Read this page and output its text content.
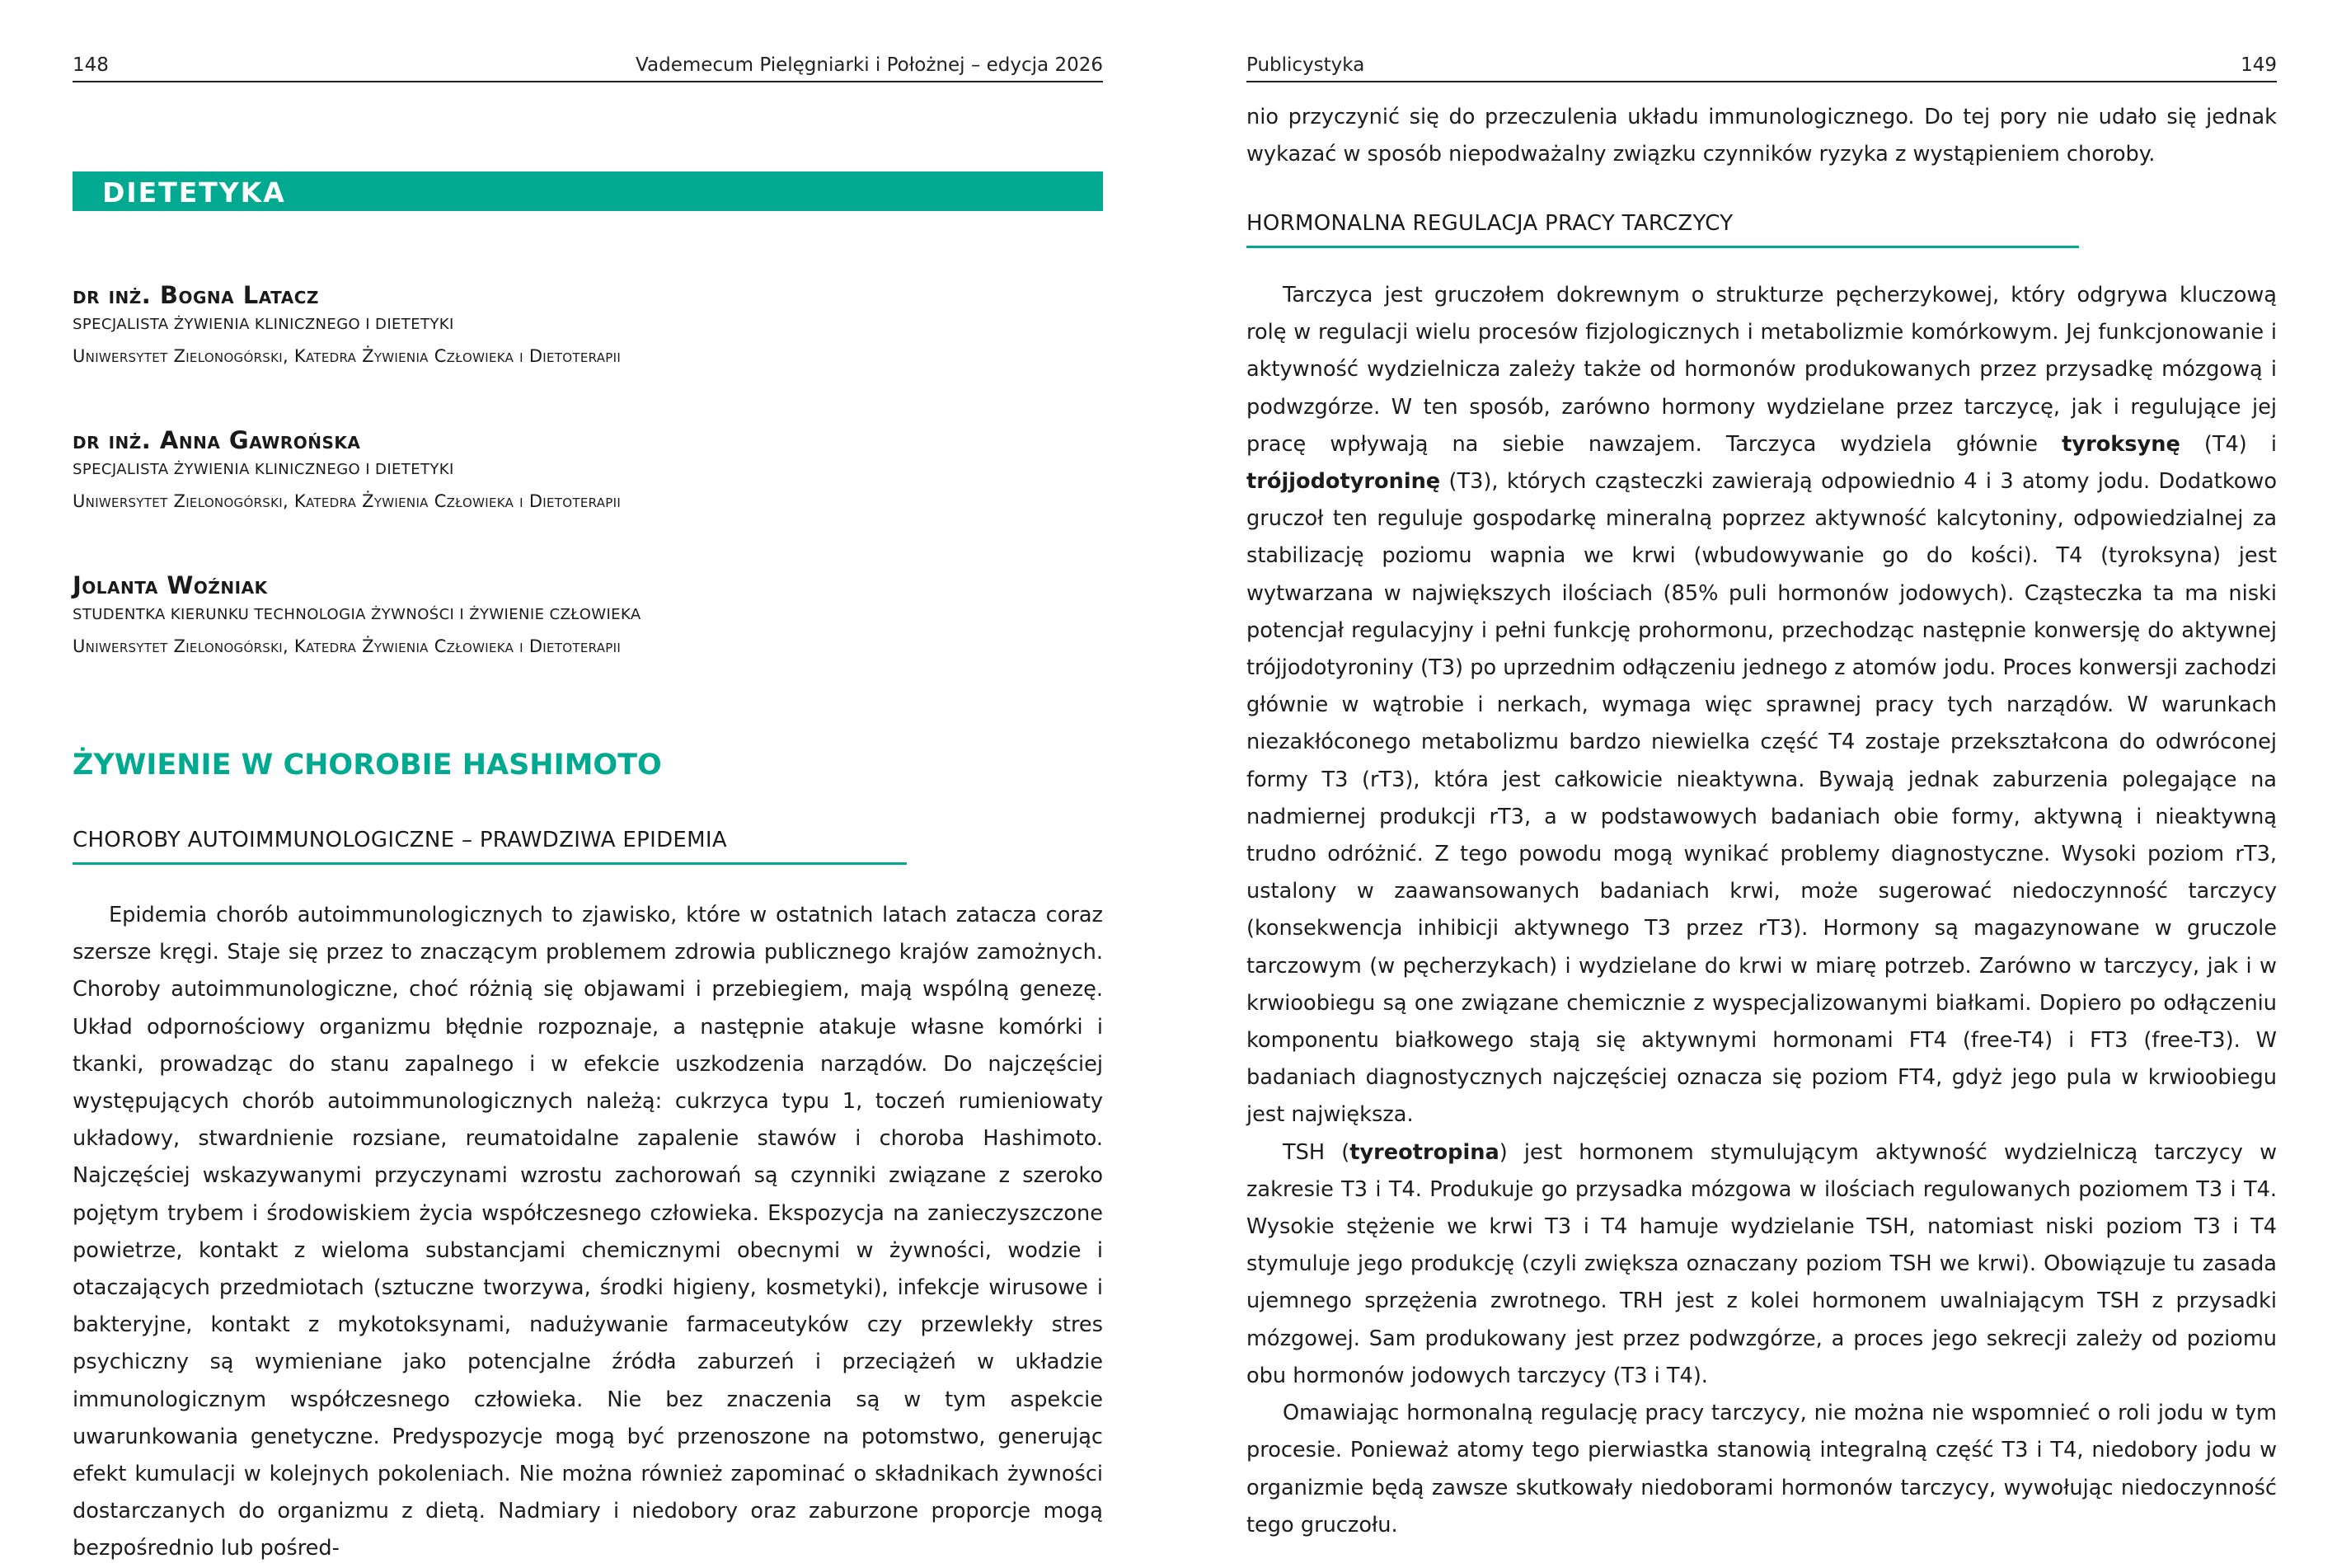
148	Vademecum Pielęgniarki i Położnej – edycja 2026
DIETETYKA
dr inż. Bogna Latacz
SPECJALISTA ŻYWIENIA KLINICZNEGO I DIETETYKI
Uniwersytet Zielonogórski, Katedra Żywienia Człowieka i Dietoterapii
dr inż. Anna Gawrońska
SPECJALISTA ŻYWIENIA KLINICZNEGO I DIETETYKI
Uniwersytet Zielonogórski, Katedra Żywienia Człowieka i Dietoterapii
Jolanta Woźniak
STUDENTKA KIERUNKU TECHNOLOGIA ŻYWNOŚCI I ŻYWIENIE CZŁOWIEKA
Uniwersytet Zielonogórski, Katedra Żywienia Człowieka i Dietoterapii
ŻYWIENIE W CHOROBIE HASHIMOTO
CHOROBY AUTOIMMUNOLOGICZNE – PRAWDZIWA EPIDEMIA

Epidemia chorób autoimmunologicznych to zjawisko, które w ostatnich latach zatacza coraz szersze kręgi. Staje się przez to znaczącym problemem zdrowia publicznego krajów zamożnych. Choroby autoimmunologiczne, choć różnią się objawami i przebiegiem, mają wspólną genezę. Układ odpornościowy organizmu błędnie rozpoznaje, a następnie atakuje własne komórki i tkanki, prowadząc do stanu zapalnego i w efekcie uszkodzenia narządów. Do najczęściej występujących chorób autoimmunologicznych należą: cukrzyca typu 1, toczeń rumieniowaty układowy, stwardnienie rozsiane, reumatoidalne zapalenie stawów i choroba Hashimoto. Najczęściej wskazywanymi przyczynami wzrostu zachorowań są czynniki związane z szeroko pojętym trybem i środowiskiem życia współczesnego człowieka. Ekspozycja na zanieczyszczone powietrze, kontakt z wieloma substancjami chemicznymi obecnymi w żywności, wodzie i otaczających przedmiotach (sztuczne tworzywa, środki higieny, kosmetyki), infekcje wirusowe i bakteryjne, kontakt z mykotoksynami, nadużywanie farmaceutyków czy przewlekły stres psychiczny są wymieniane jako potencjalne źródła zaburzeń i przeciążeń w układzie immunologicznym współczesnego człowieka. Nie bez znaczenia są w tym aspekcie uwarunkowania genetyczne. Predyspozycje mogą być przenoszone na potomstwo, generując efekt kumulacji w kolejnych pokoleniach. Nie można również zapominać o składnikach żywności dostarczanych do organizmu z dietą. Nadmiary i niedobory oraz zaburzone proporcje mogą bezpośrednio lub pośred-

Publicystyka	149

nio przyczynić się do przeczulenia układu immunologicznego. Do tej pory nie udało się jednak wykazać w sposób niepodważalny związku czynników ryzyka z wystąpieniem choroby.

HORMONALNA REGULACJA PRACY TARCZYCY

Tarczyca jest gruczołem dokrewnym o strukturze pęcherzykowej, który odgrywa kluczową rolę w regulacji wielu procesów fizjologicznych i metabolizmie komórkowym. Jej funkcjonowanie i aktywność wydzielnicza zależy także od hormonów produkowanych przez przysadkę mózgową i podwzgórze. W ten sposób, zarówno hormony wydzielane przez tarczycę, jak i regulujące jej pracę wpływają na siebie nawzajem. Tarczyca wydziela głównie tyroksynę (T4) i trójjodotyroninę (T3), których cząsteczki zawierają odpowiednio 4 i 3 atomy jodu. Dodatkowo gruczoł ten reguluje gospodarkę mineralną poprzez aktywność kalcytoniny, odpowiedzialnej za stabilizację poziomu wapnia we krwi (wbudowywanie go do kości). T4 (tyroksyna) jest wytwarzana w największych ilościach (85% puli hormonów jodowych). Cząsteczka ta ma niski potencjał regulacyjny i pełni funkcję prohormonu, przechodząc następnie konwersję do aktywnej trójjodotyroniny (T3) po uprzednim odłączeniu jednego z atomów jodu. Proces konwersji zachodzi głównie w wątrobie i nerkach, wymaga więc sprawnej pracy tych narządów. W warunkach niezakłóconego metabolizmu bardzo niewielka część T4 zostaje przekształcona do odwróconej formy T3 (rT3), która jest całkowicie nieaktywna. Bywają jednak zaburzenia polegające na nadmiernej produkcji rT3, a w podstawowych badaniach obie formy, aktywną i nieaktywną trudno odróżnić. Z tego powodu mogą wynikać problemy diagnostyczne. Wysoki poziom rT3, ustalony w zaawansowanych badaniach krwi, może sugerować niedoczynność tarczycy (konsekwencja inhibicji aktywnego T3 przez rT3). Hormony są magazynowane w gruczole tarczowym (w pęcherzykach) i wydzielane do krwi w miarę potrzeb. Zarówno w tarczycy, jak i w krwioobiegu są one związane chemicznie z wyspecjalizowanymi białkami. Dopiero po odłączeniu komponentu białkowego stają się aktywnymi hormonami FT4 (free-T4) i FT3 (free-T3). W badaniach diagnostycznych najczęściej oznacza się poziom FT4, gdyż jego pula w krwioobiegu jest największa.

TSH (tyreotropina) jest hormonem stymulującym aktywność wydzielniczą tarczycy w zakresie T3 i T4. Produkuje go przysadka mózgowa w ilościach regulowanych poziomem T3 i T4. Wysokie stężenie we krwi T3 i T4 hamuje wydzielanie TSH, natomiast niski poziom T3 i T4 stymuluje jego produkcję (czyli zwiększa oznaczany poziom TSH we krwi). Obowiązuje tu zasada ujemnego sprzężenia zwrotnego. TRH jest z kolei hormonem uwalniającym TSH z przysadki mózgowej. Sam produkowany jest przez podwzgórze, a proces jego sekrecji zależy od poziomu obu hormonów jodowych tarczycy (T3 i T4).

Omawiając hormonalną regulację pracy tarczycy, nie można nie wspomnieć o roli jodu w tym procesie. Ponieważ atomy tego pierwiastka stanowią integralną część T3 i T4, niedobory jodu w organizmie będą zawsze skutkowały niedoborami hormonów tarczycy, wywołując niedoczynność tego gruczołu.
